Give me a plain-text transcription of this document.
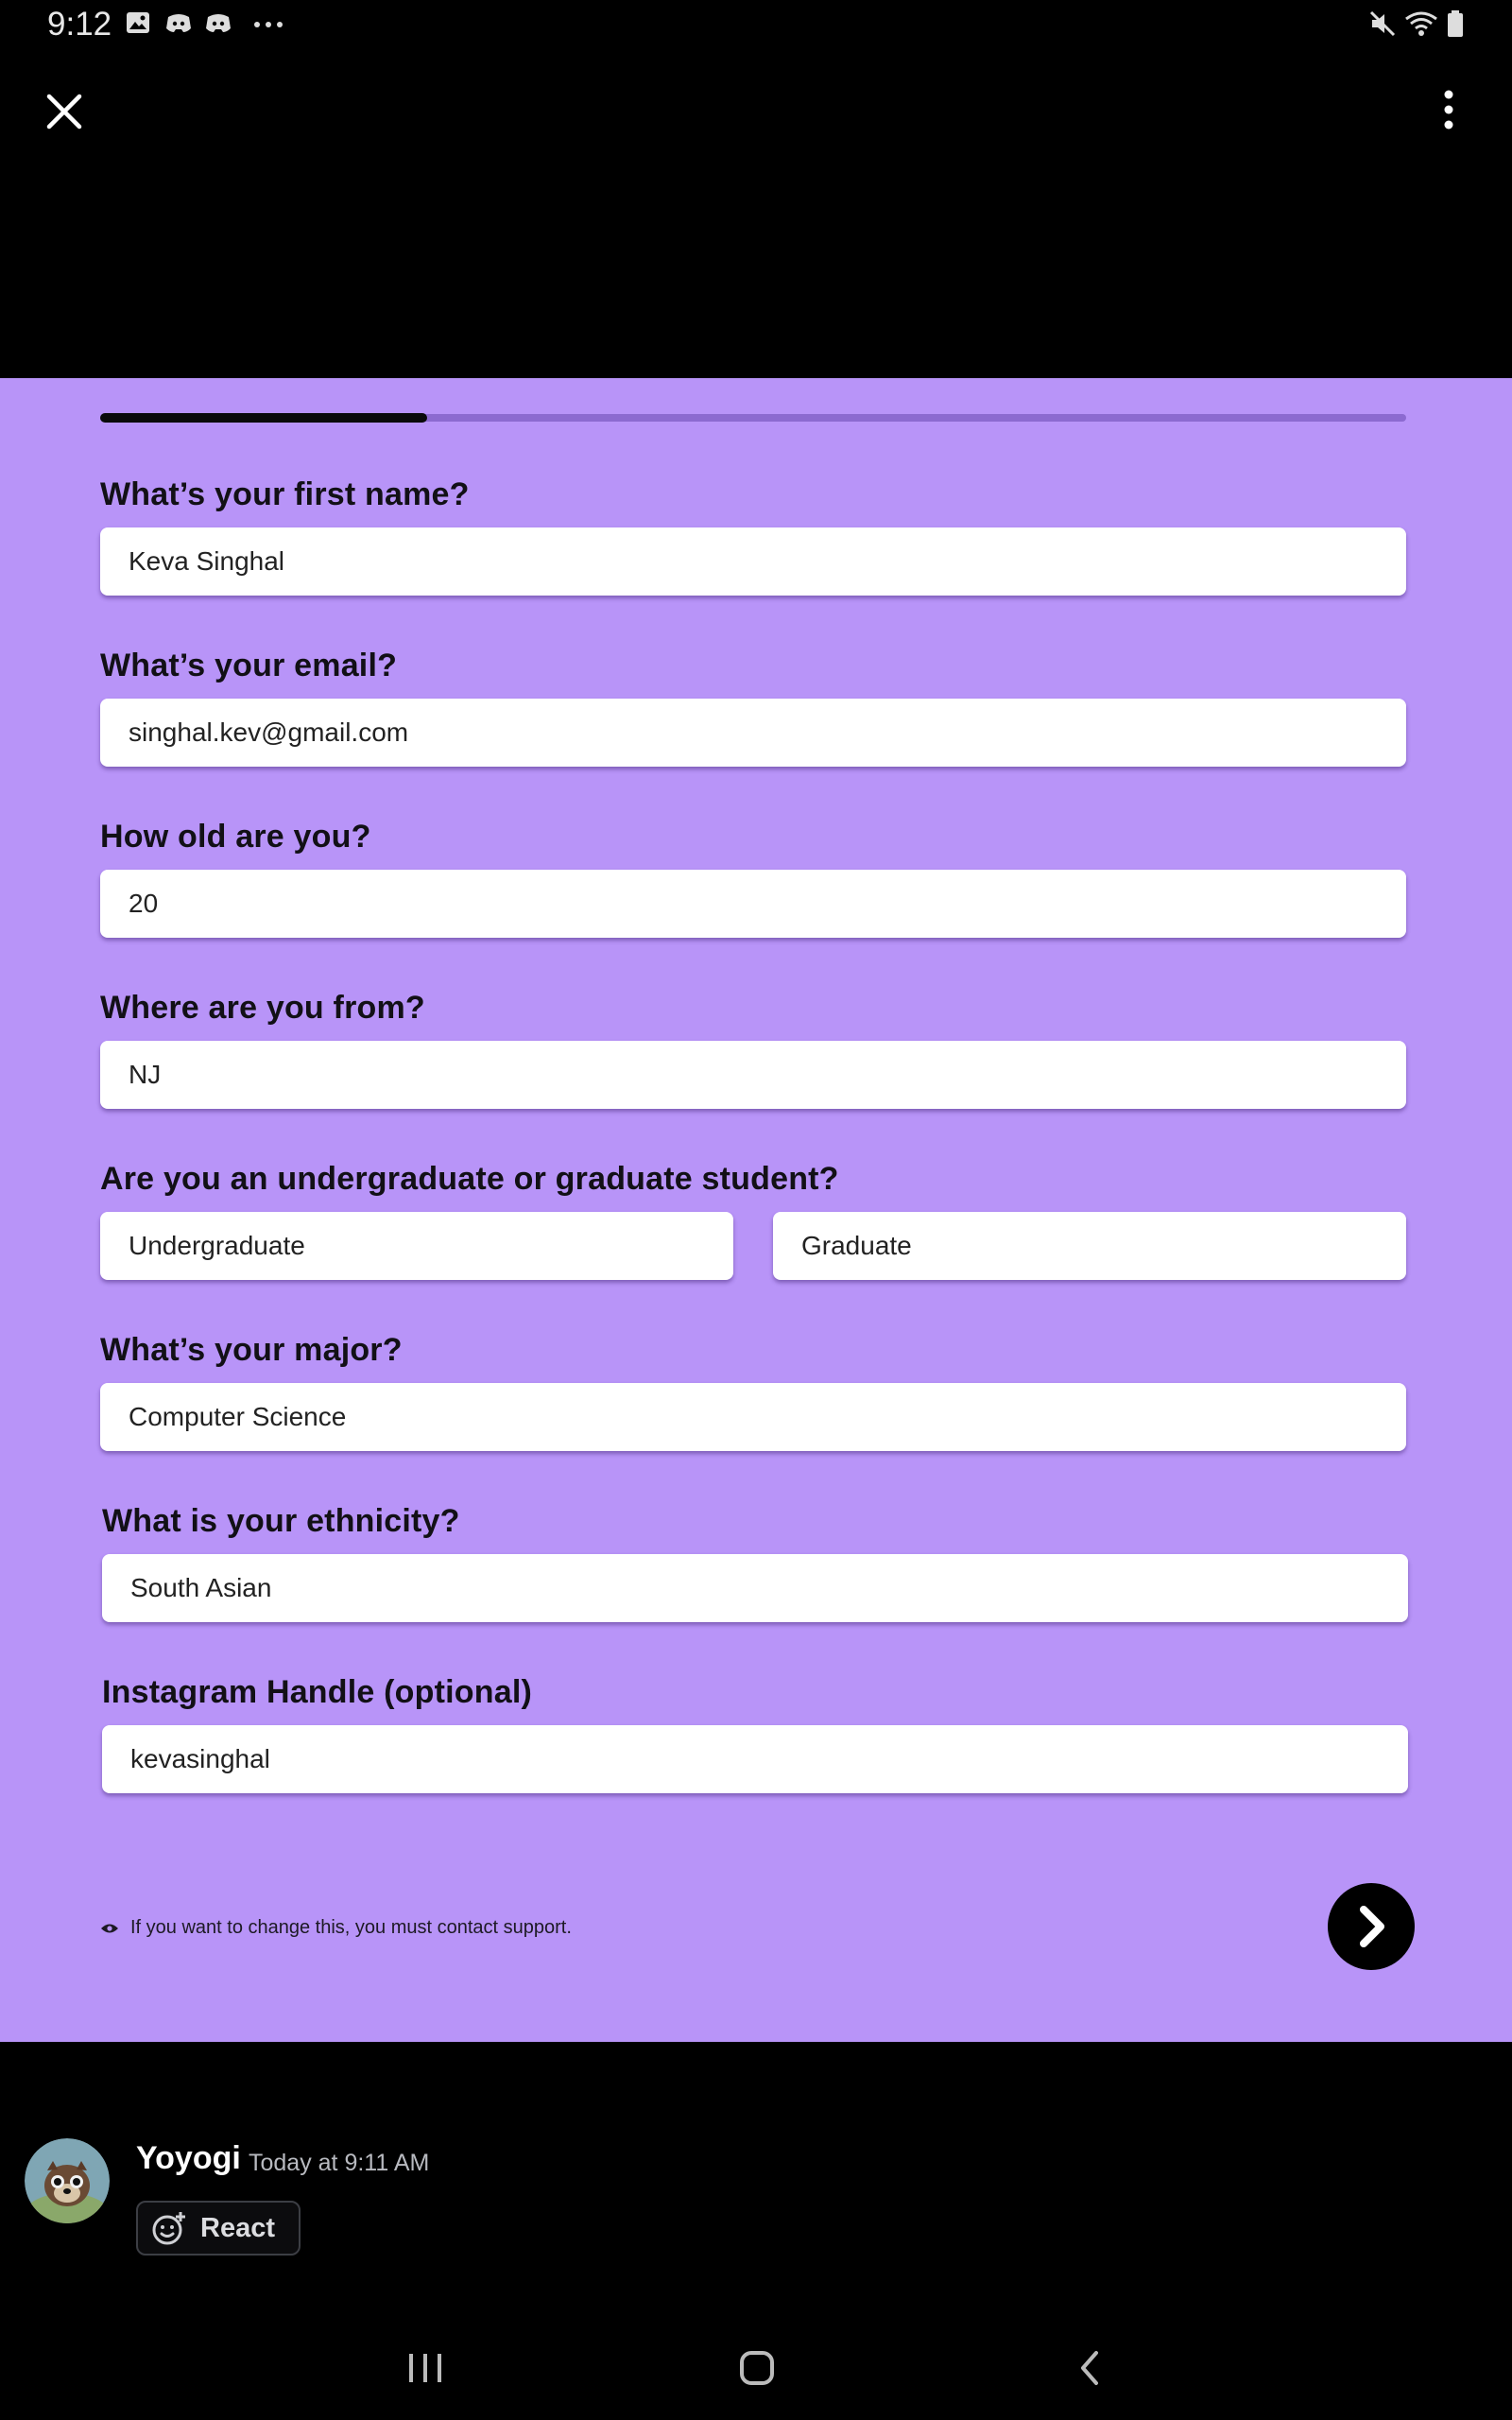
9:12
What’s your first name?
Keva Singhal
What’s your email?
singhal.kev@gmail.com
How old are you?
20
Where are you from?
NJ
Are you an undergraduate or graduate student?
Undergraduate	Graduate
What’s your major?
Computer Science
What is your ethnicity?
South Asian
Instagram Handle (optional)
kevasinghal
If you want to change this, you must contact support.
Yoyogi Today at 9:11 AM
React
